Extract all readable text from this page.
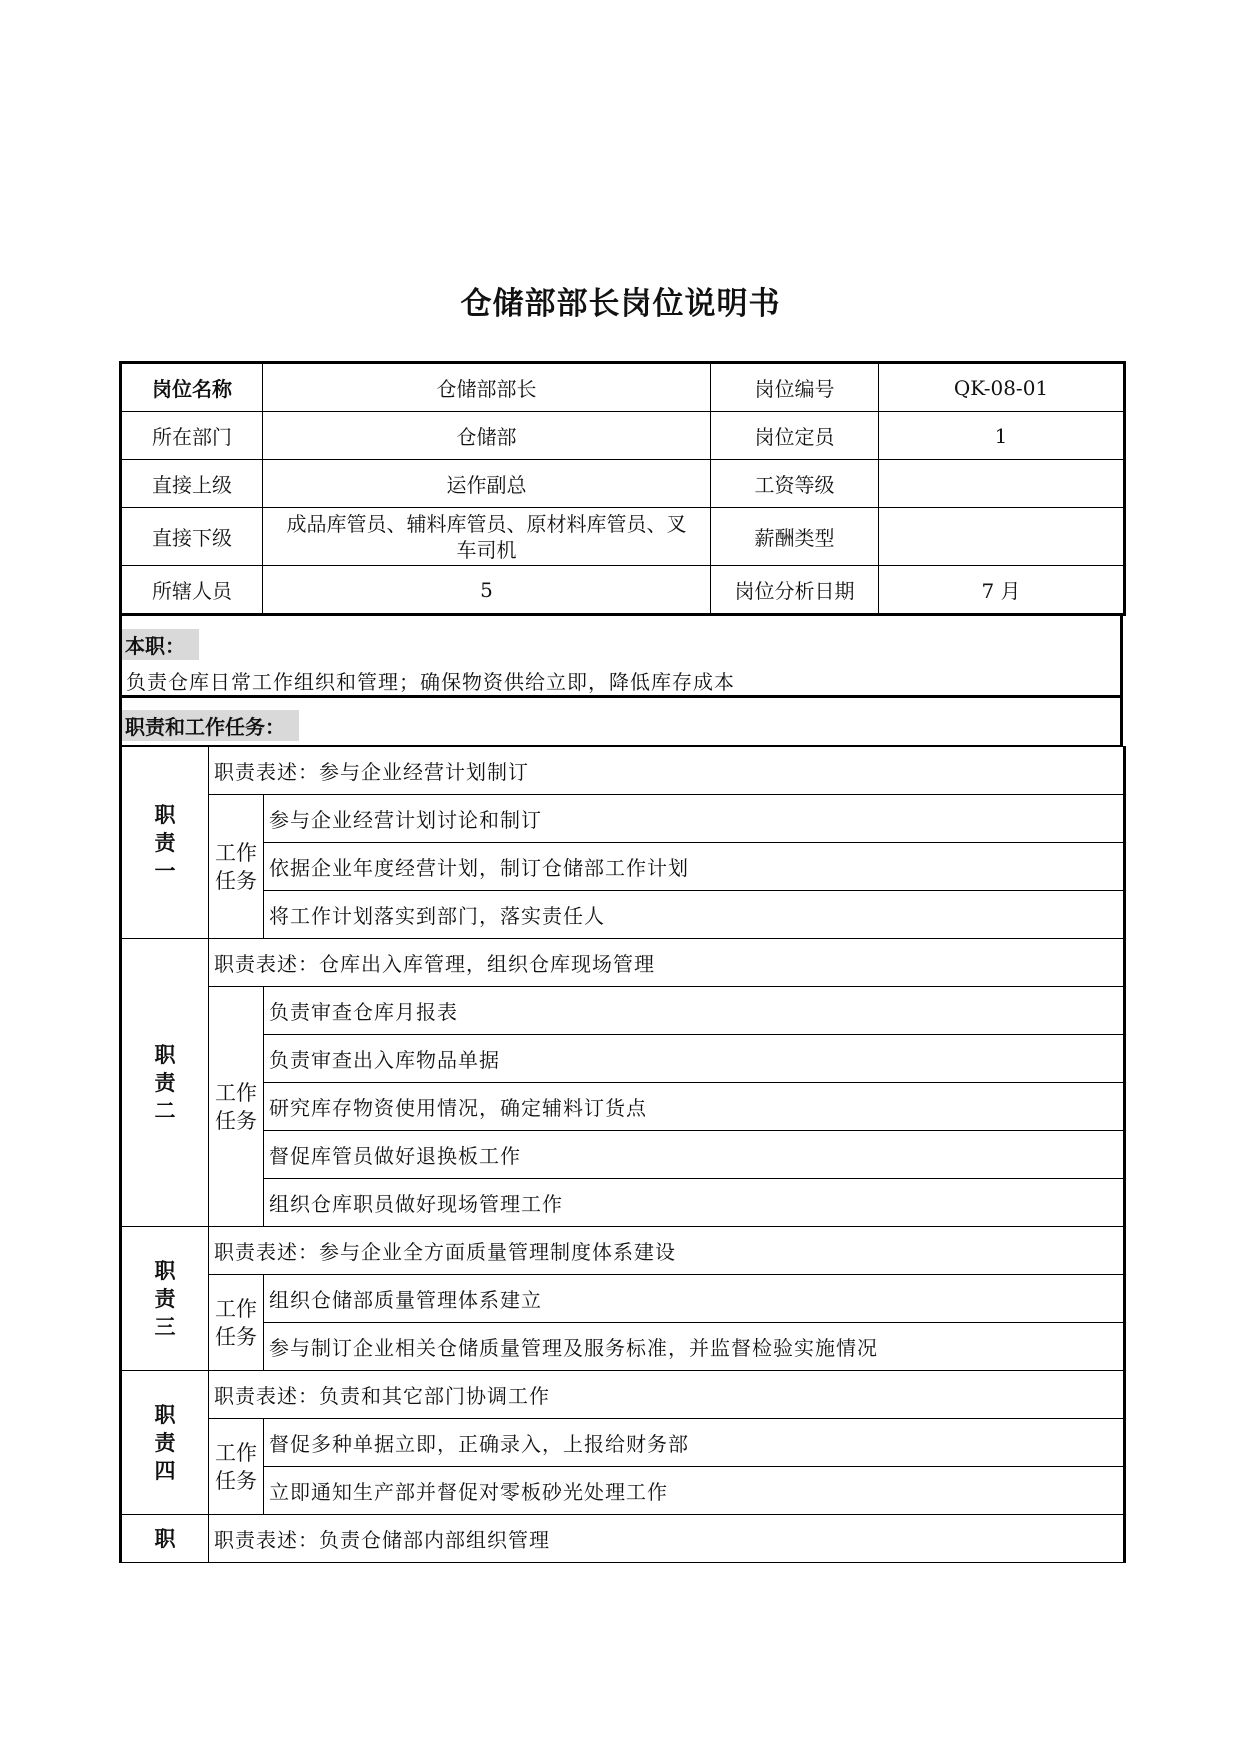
仓储部部长岗位说明书
岗位名称	仓储部部长	岗位编号	QK-08-01
所在部门	仓储部	岗位定员	1
直接上级	运作副总	工资等级	
直接下级	成品库管员、辅料库管员、原材料库管员、叉
车司机	薪酬类型	
所辖人员	5	岗位分析日期	7 月
本职：
负责仓库日常工作组织和管理；确保物资供给立即，降低库存成本
职责和工作任务：
职
责
一	职责表述：参与企业经营计划制订	

	工作
任务	参与企业经营计划讨论和制订
		依据企业年度经营计划，制订仓储部工作计划
		将工作计划落实到部门，落实责任人

职
责
二	职责表述：仓库出入库管理，组织仓库现场管理	

	工作
任务	负责审查仓库月报表
		负责审查出入库物品单据
		研究库存物资使用情况，确定辅料订货点
		督促库管员做好退换板工作
		组织仓库职员做好现场管理工作

职
责
三	职责表述：参与企业全方面质量管理制度体系建设	

	工作
任务	组织仓储部质量管理体系建立
		参与制订企业相关仓储质量管理及服务标准，并监督检验实施情况

职
责
四	职责表述：负责和其它部门协调工作	

	工作
任务	督促多种单据立即，正确录入，上报给财务部
		立即通知生产部并督促对零板砂光处理工作

职	职责表述：负责仓储部内部组织管理	
